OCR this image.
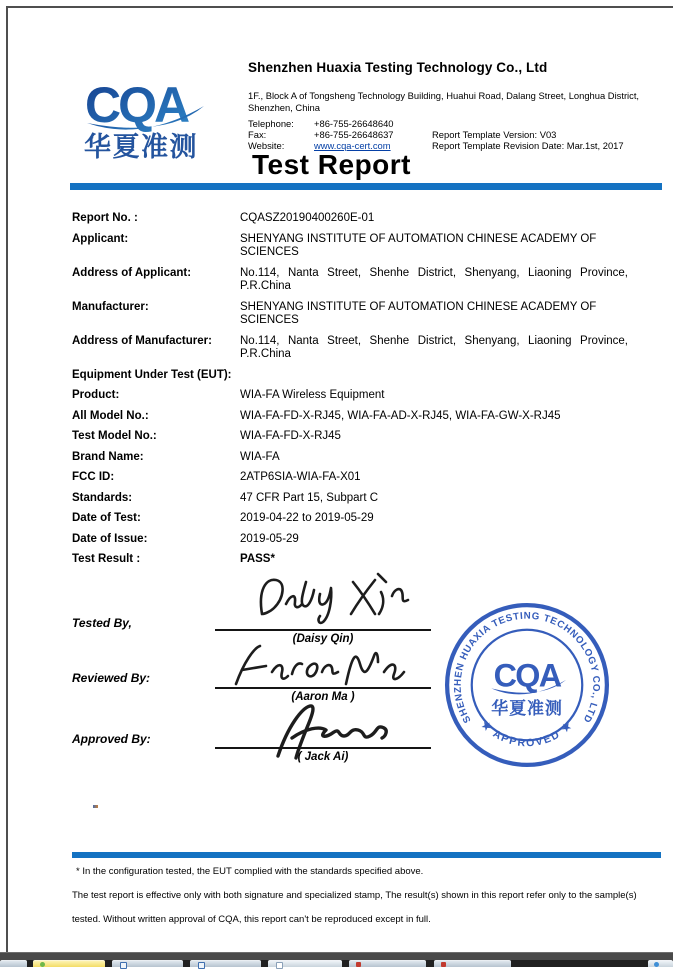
CQA
华夏准测
Shenzhen Huaxia Testing Technology Co., Ltd
1F., Block A of Tongsheng Technology Building, Huahui Road, Dalang Street, Longhua District, Shenzhen, China
Telephone:	+86-755-26648640
Fax:	+86-755-26648637
Website:	www.cqa-cert.com
Report Template Version: V03
Report Template Revision Date: Mar.1st, 2017
Test Report
Report No. :	CQASZ20190400260E-01
Applicant:	SHENYANG INSTITUTE OF AUTOMATION CHINESE ACADEMY OF SCIENCES
Address of Applicant:	No.114, Nanta Street, Shenhe District, Shenyang, Liaoning Province, P.R.China
Manufacturer:	SHENYANG INSTITUTE OF AUTOMATION CHINESE ACADEMY OF SCIENCES
Address of Manufacturer:	No.114, Nanta Street, Shenhe District, Shenyang, Liaoning Province, P.R.China
Equipment Under Test (EUT):
Product:	WIA-FA Wireless Equipment
All Model No.:	WIA-FA-FD-X-RJ45, WIA-FA-AD-X-RJ45, WIA-FA-GW-X-RJ45
Test Model No.:	WIA-FA-FD-X-RJ45
Brand Name:	WIA-FA
FCC ID:	2ATP6SIA-WIA-FA-X01
Standards:	47 CFR Part 15, Subpart C
Date of Test:	2019-04-22 to 2019-05-29
Date of Issue:	2019-05-29
Test Result :	PASS*
Tested By,
(Daisy Qin)
Reviewed By:
(Aaron Ma )
Approved By:
( Jack Ai)
SHENZHEN HUAXIA TESTING TECHNOLOGY CO., LTD
★ APPROVED ★
CQA
华夏准测
* In the configuration tested, the EUT complied with the standards specified above.
The test report is effective only with both signature and specialized stamp, The result(s) shown in this report refer only to the sample(s)
tested. Without written approval of CQA, this report can't be reproduced except in full.
